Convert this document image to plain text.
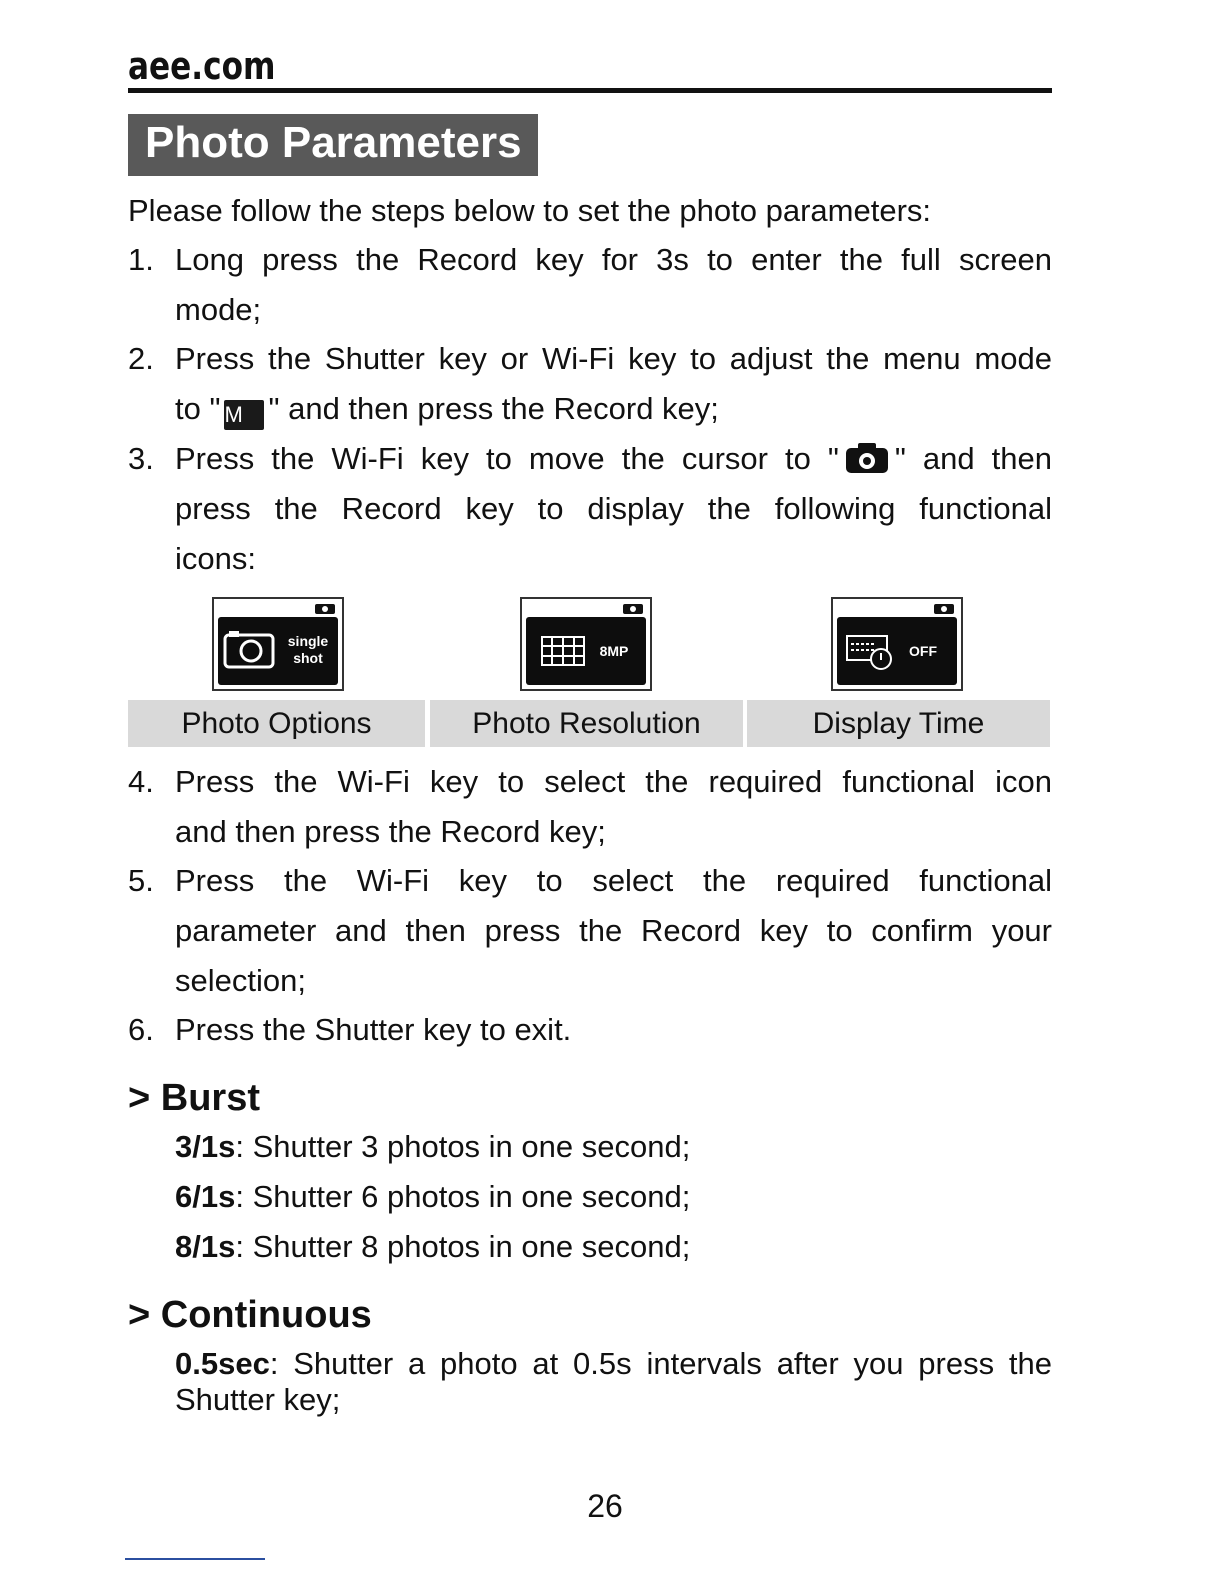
aee.com
Photo Parameters
Please follow the steps below to set the photo parameters:
1. Long press the Record key for 3s to enter the full screen
mode;
2. Press the Shutter key or Wi-Fi key to adjust the menu mode
to " M " and then press the Record key;
3. Press the Wi-Fi key to move the cursor to " " and then
press the Record key to display the following functional
icons:
single
shot	8MP	OFF
Photo Options	Photo Resolution	Display Time
4. Press the Wi-Fi key to select the required functional icon
and then press the Record key;
5. Press the Wi-Fi key to select the required functional
parameter and then press the Record key to confirm your
selection;
6. Press the Shutter key to exit.
> Burst
3/1s: Shutter 3 photos in one second;
6/1s: Shutter 6 photos in one second;
8/1s: Shutter 8 photos in one second;
> Continuous
0.5sec: Shutter a photo at 0.5s intervals after you press the
Shutter key;
26
